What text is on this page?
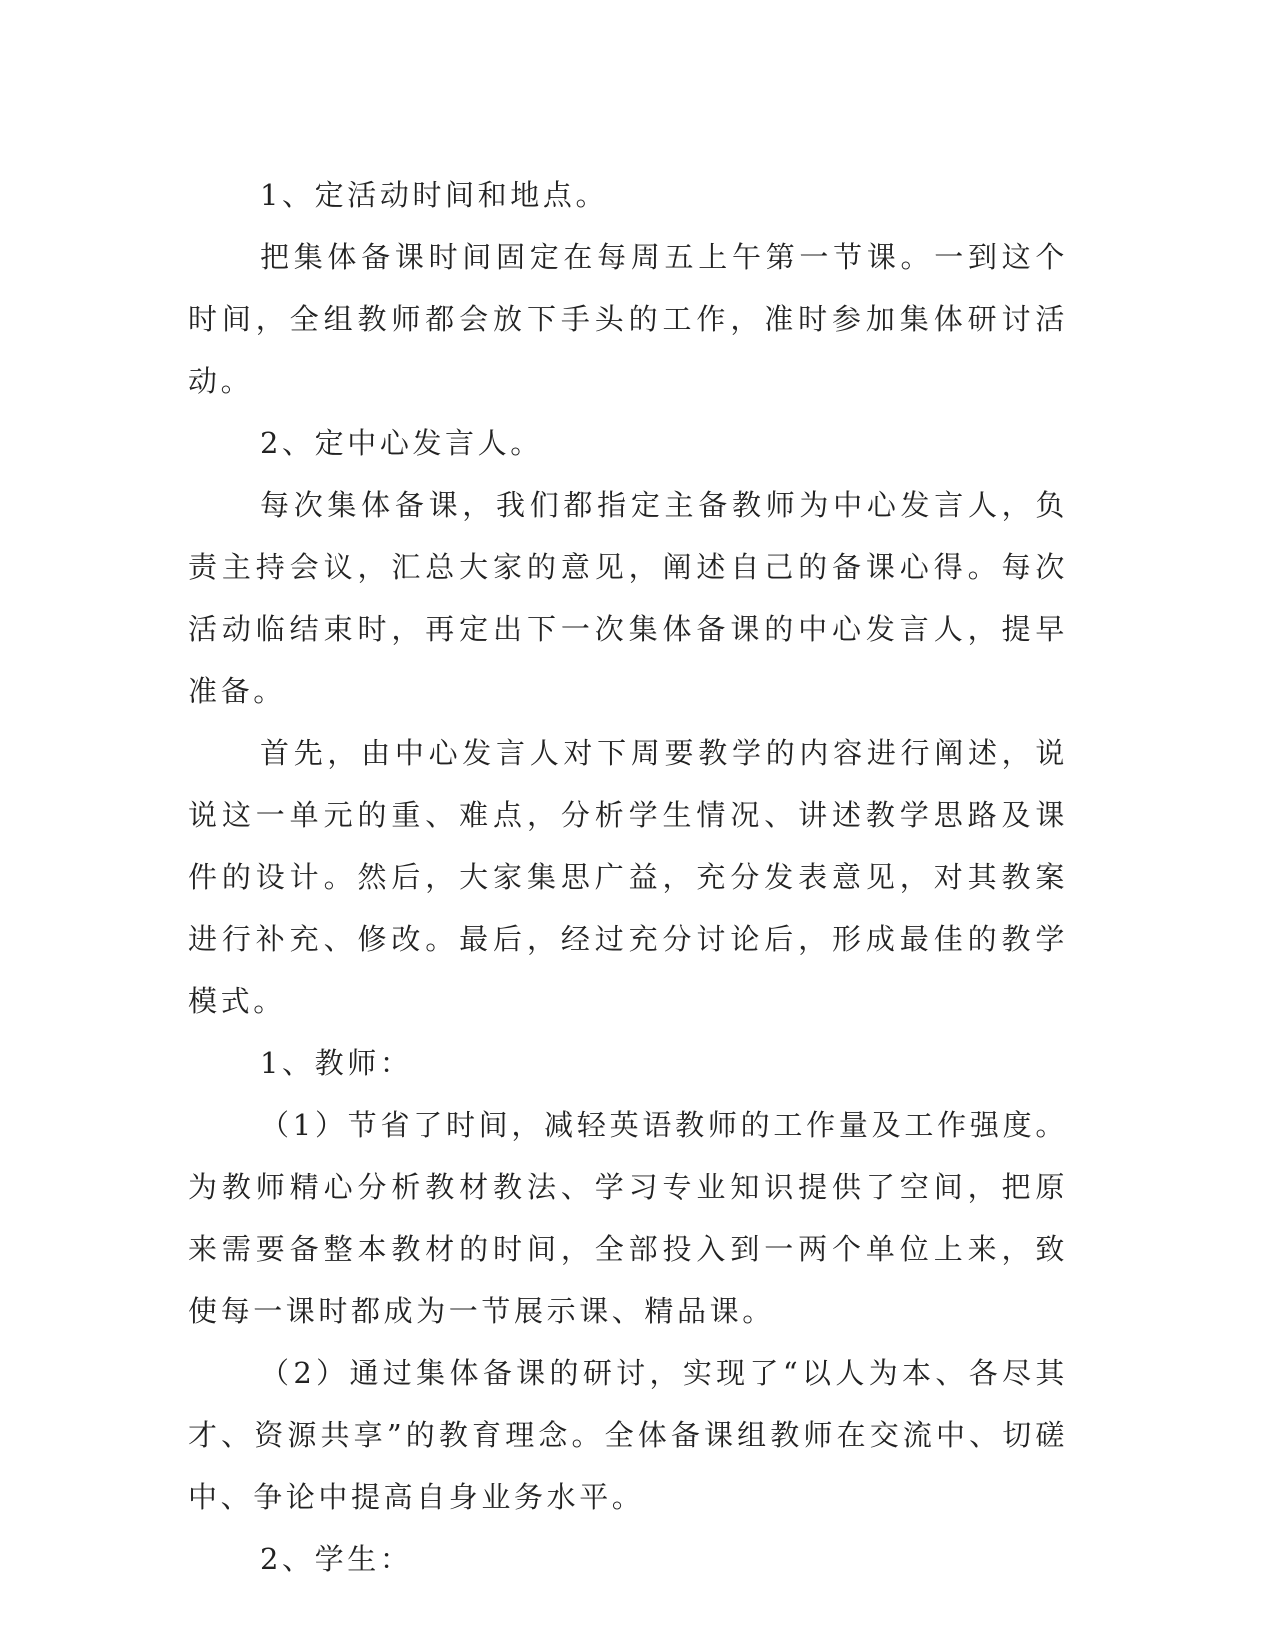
1、定活动时间和地点。

把集体备课时间固定在每周五上午第一节课。一到这个时间，全组教师都会放下手头的工作，准时参加集体研讨活动。

2、定中心发言人。

每次集体备课，我们都指定主备教师为中心发言人，负责主持会议，汇总大家的意见，阐述自己的备课心得。每次活动临结束时，再定出下一次集体备课的中心发言人，提早准备。

首先，由中心发言人对下周要教学的内容进行阐述，说说这一单元的重、难点，分析学生情况、讲述教学思路及课件的设计。然后，大家集思广益，充分发表意见，对其教案进行补充、修改。最后，经过充分讨论后，形成最佳的教学模式。

1、教师：

（1）节省了时间，减轻英语教师的工作量及工作强度。为教师精心分析教材教法、学习专业知识提供了空间，把原来需要备整本教材的时间，全部投入到一两个单位上来，致使每一课时都成为一节展示课、精品课。

（2）通过集体备课的研讨，实现了“以人为本、各尽其才、资源共享”的教育理念。全体备课组教师在交流中、切磋中、争论中提高自身业务水平。

2、学生：
